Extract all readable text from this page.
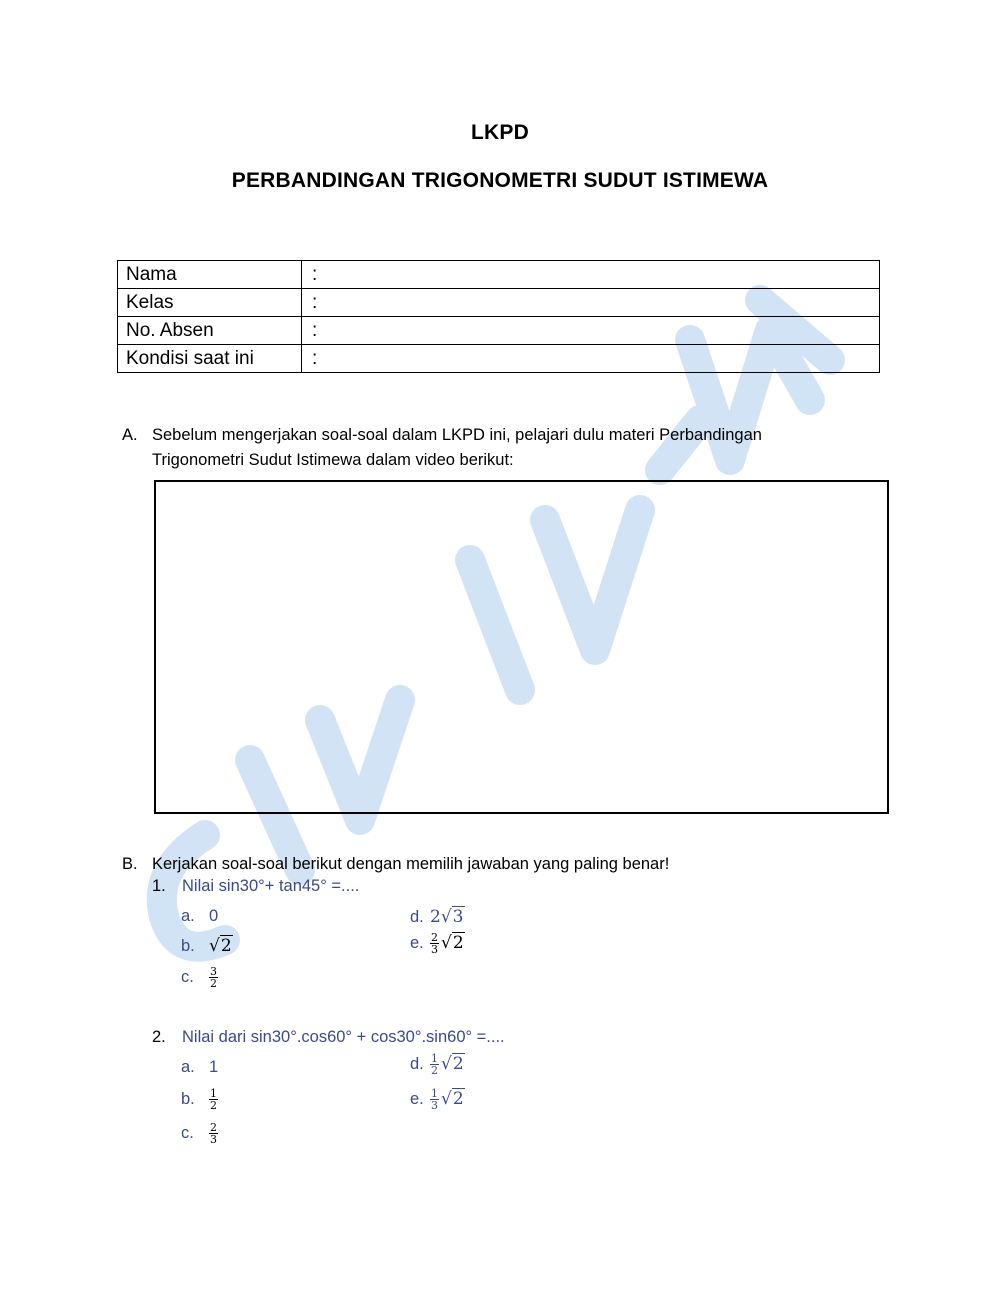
LKPD
PERBANDINGAN TRIGONOMETRI SUDUT ISTIMEWA
Nama	:
Kelas	:
No. Absen	:
Kondisi saat ini	:
A. Sebelum mengerjakan soal-soal dalam LKPD ini, pelajari dulu materi Perbandingan Trigonometri Sudut Istimewa dalam video berikut:
B. Kerjakan soal-soal berikut dengan memilih jawaban yang paling benar!
1. Nilai sin30°+ tan45° =....
a. 0
b. √2
c. $\frac{3}{2}$
d. 2√3
e. $\frac{2}{3} √2$
2. Nilai dari sin30°.cos60° + cos30°.sin60° =....
a. 1
b. $\frac{1}{2}$
c. $\frac{2}{3}$
d. $\frac{1}{2} √2$
e. $\frac{1}{3} √2$
